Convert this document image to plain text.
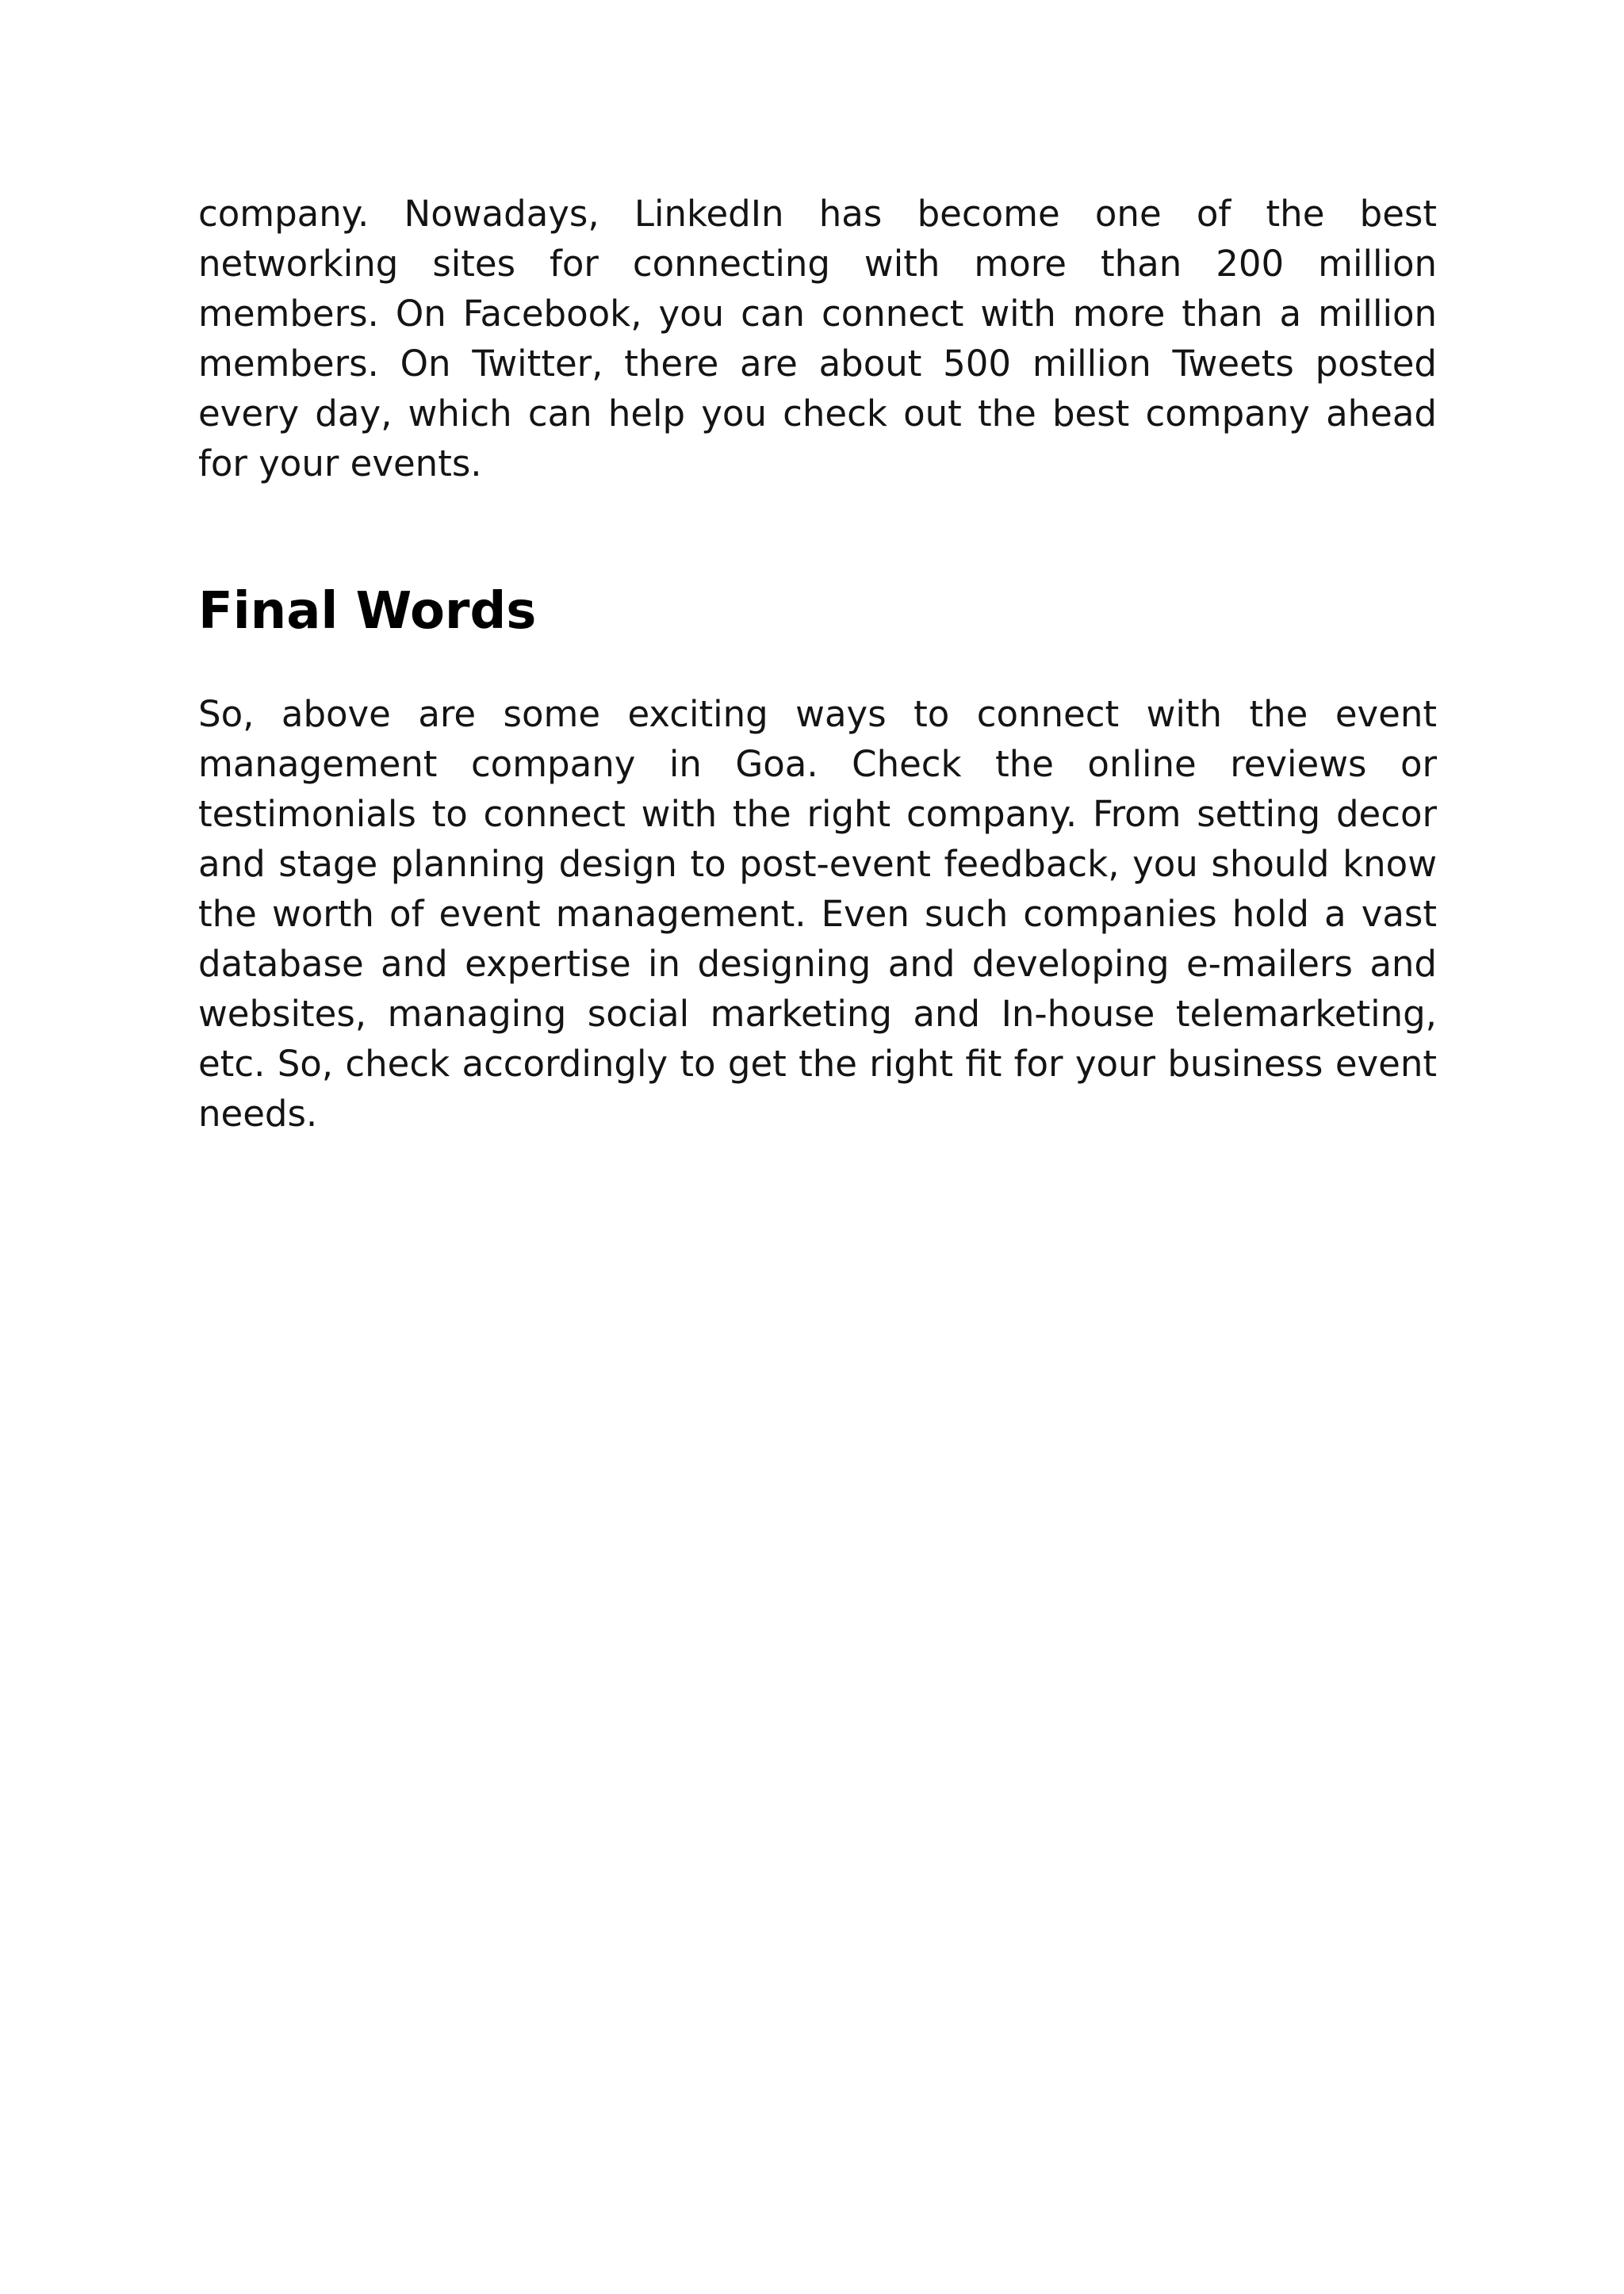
company. Nowadays, LinkedIn has become one of the best networking sites for connecting with more than 200 million members. On Facebook, you can connect with more than a million members. On Twitter, there are about 500 million Tweets posted every day, which can help you check out the best company ahead for your events.

Final Words

So, above are some exciting ways to connect with the event management company in Goa. Check the online reviews or testimonials to connect with the right company. From setting decor and stage planning design to post-event feedback, you should know the worth of event management. Even such companies hold a vast database and expertise in designing and developing e-mailers and websites, managing social marketing and In-house telemarketing, etc. So, check accordingly to get the right fit for your business event needs.
